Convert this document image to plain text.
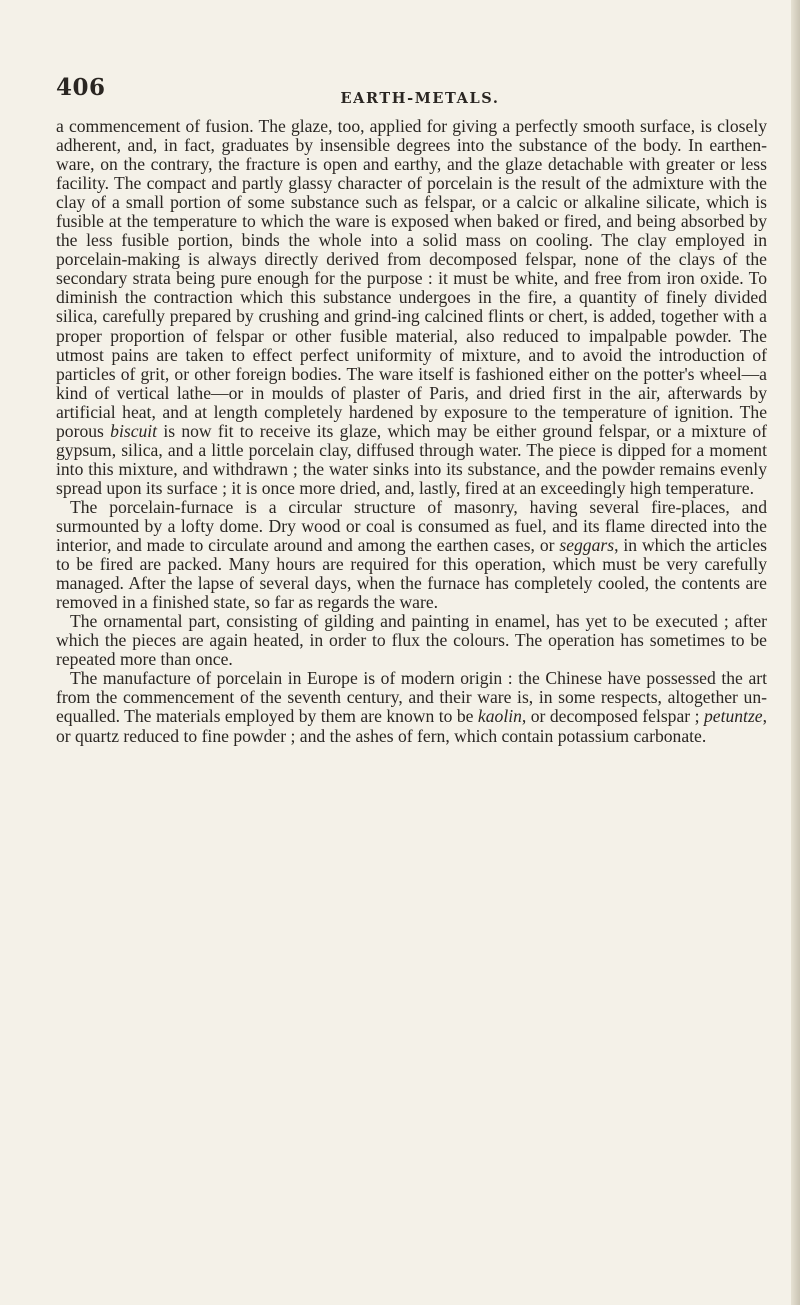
406	EARTH-METALS.

a commencement of fusion. The glaze, too, applied for giving a perfectly smooth surface, is closely adherent, and, in fact, graduates by insensible degrees into the substance of the body. In earthen-ware, on the contrary, the fracture is open and earthy, and the glaze detachable with greater or less facility. The compact and partly glassy character of porcelain is the result of the admixture with the clay of a small portion of some substance such as felspar, or a calcic or alkaline silicate, which is fusible at the temperature to which the ware is exposed when baked or fired, and being absorbed by the less fusible portion, binds the whole into a solid mass on cooling. The clay employed in porcelain-making is always directly derived from decomposed felspar, none of the clays of the secondary strata being pure enough for the purpose : it must be white, and free from iron oxide. To diminish the contraction which this substance undergoes in the fire, a quantity of finely divided silica, carefully prepared by crushing and grind-ing calcined flints or chert, is added, together with a proper proportion of felspar or other fusible material, also reduced to impalpable powder. The utmost pains are taken to effect perfect uniformity of mixture, and to avoid the introduction of particles of grit, or other foreign bodies. The ware itself is fashioned either on the potter's wheel—a kind of vertical lathe—or in moulds of plaster of Paris, and dried first in the air, afterwards by artificial heat, and at length completely hardened by exposure to the temperature of ignition. The porous biscuit is now fit to receive its glaze, which may be either ground felspar, or a mixture of gypsum, silica, and a little porcelain clay, diffused through water. The piece is dipped for a moment into this mixture, and withdrawn ; the water sinks into its substance, and the powder remains evenly spread upon its surface ; it is once more dried, and, lastly, fired at an exceedingly high temperature.

The porcelain-furnace is a circular structure of masonry, having several fire-places, and surmounted by a lofty dome. Dry wood or coal is consumed as fuel, and its flame directed into the interior, and made to circulate around and among the earthen cases, or seggars, in which the articles to be fired are packed. Many hours are required for this operation, which must be very carefully managed. After the lapse of several days, when the furnace has completely cooled, the contents are removed in a finished state, so far as regards the ware.

The ornamental part, consisting of gilding and painting in enamel, has yet to be executed ; after which the pieces are again heated, in order to flux the colours. The operation has sometimes to be repeated more than once.

The manufacture of porcelain in Europe is of modern origin : the Chinese have possessed the art from the commencement of the seventh century, and their ware is, in some respects, altogether un-equalled. The materials employed by them are known to be kaolin, or decomposed felspar ; petuntze, or quartz reduced to fine powder ; and the ashes of fern, which contain potassium carbonate.
